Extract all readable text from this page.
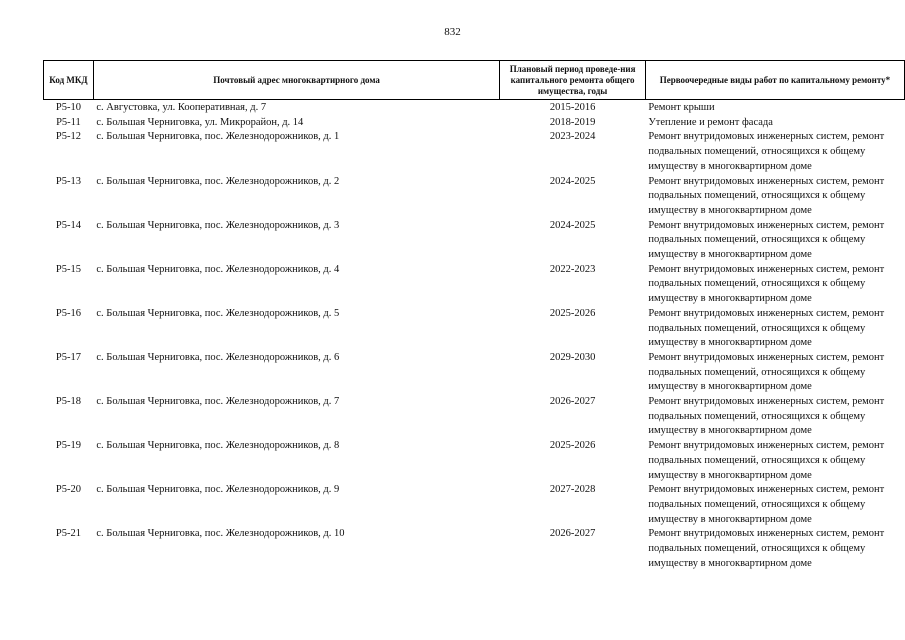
832
Код МКД	Почтовый адрес многоквартирного дома	Плановый период проведе-ния капитального ремонта общего имущества, годы	Первоочередные виды работ по капитальному ремонту*
Р5-10	с. Августовка, ул. Кооперативная, д. 7	2015-2016	Ремонт крыши
Р5-11	с. Большая Черниговка, ул. Микрорайон, д. 14	2018-2019	Утепление и ремонт фасада
Р5-12	с. Большая Черниговка, пос. Железнодорожников, д. 1	2023-2024	Ремонт внутридомовых инженерных систем, ремонт подвальных помещений, относящихся к общему имуществу в многоквартирном доме
Р5-13	с. Большая Черниговка, пос. Железнодорожников, д. 2	2024-2025	Ремонт внутридомовых инженерных систем, ремонт подвальных помещений, относящихся к общему имуществу в многоквартирном доме
Р5-14	с. Большая Черниговка, пос. Железнодорожников, д. 3	2024-2025	Ремонт внутридомовых инженерных систем, ремонт подвальных помещений, относящихся к общему имуществу в многоквартирном доме
Р5-15	с. Большая Черниговка, пос. Железнодорожников, д. 4	2022-2023	Ремонт внутридомовых инженерных систем, ремонт подвальных помещений, относящихся к общему имуществу в многоквартирном доме
Р5-16	с. Большая Черниговка, пос. Железнодорожников, д. 5	2025-2026	Ремонт внутридомовых инженерных систем, ремонт подвальных помещений, относящихся к общему имуществу в многоквартирном доме
Р5-17	с. Большая Черниговка, пос. Железнодорожников, д. 6	2029-2030	Ремонт внутридомовых инженерных систем, ремонт подвальных помещений, относящихся к общему имуществу в многоквартирном доме
Р5-18	с. Большая Черниговка, пос. Железнодорожников, д. 7	2026-2027	Ремонт внутридомовых инженерных систем, ремонт подвальных помещений, относящихся к общему имуществу в многоквартирном доме
Р5-19	с. Большая Черниговка, пос. Железнодорожников, д. 8	2025-2026	Ремонт внутридомовых инженерных систем, ремонт подвальных помещений, относящихся к общему имуществу в многоквартирном доме
Р5-20	с. Большая Черниговка, пос. Железнодорожников, д. 9	2027-2028	Ремонт внутридомовых инженерных систем, ремонт подвальных помещений, относящихся к общему имуществу в многоквартирном доме
Р5-21	с. Большая Черниговка, пос. Железнодорожников, д. 10	2026-2027	Ремонт внутридомовых инженерных систем, ремонт подвальных помещений, относящихся к общему имуществу в многоквартирном доме
